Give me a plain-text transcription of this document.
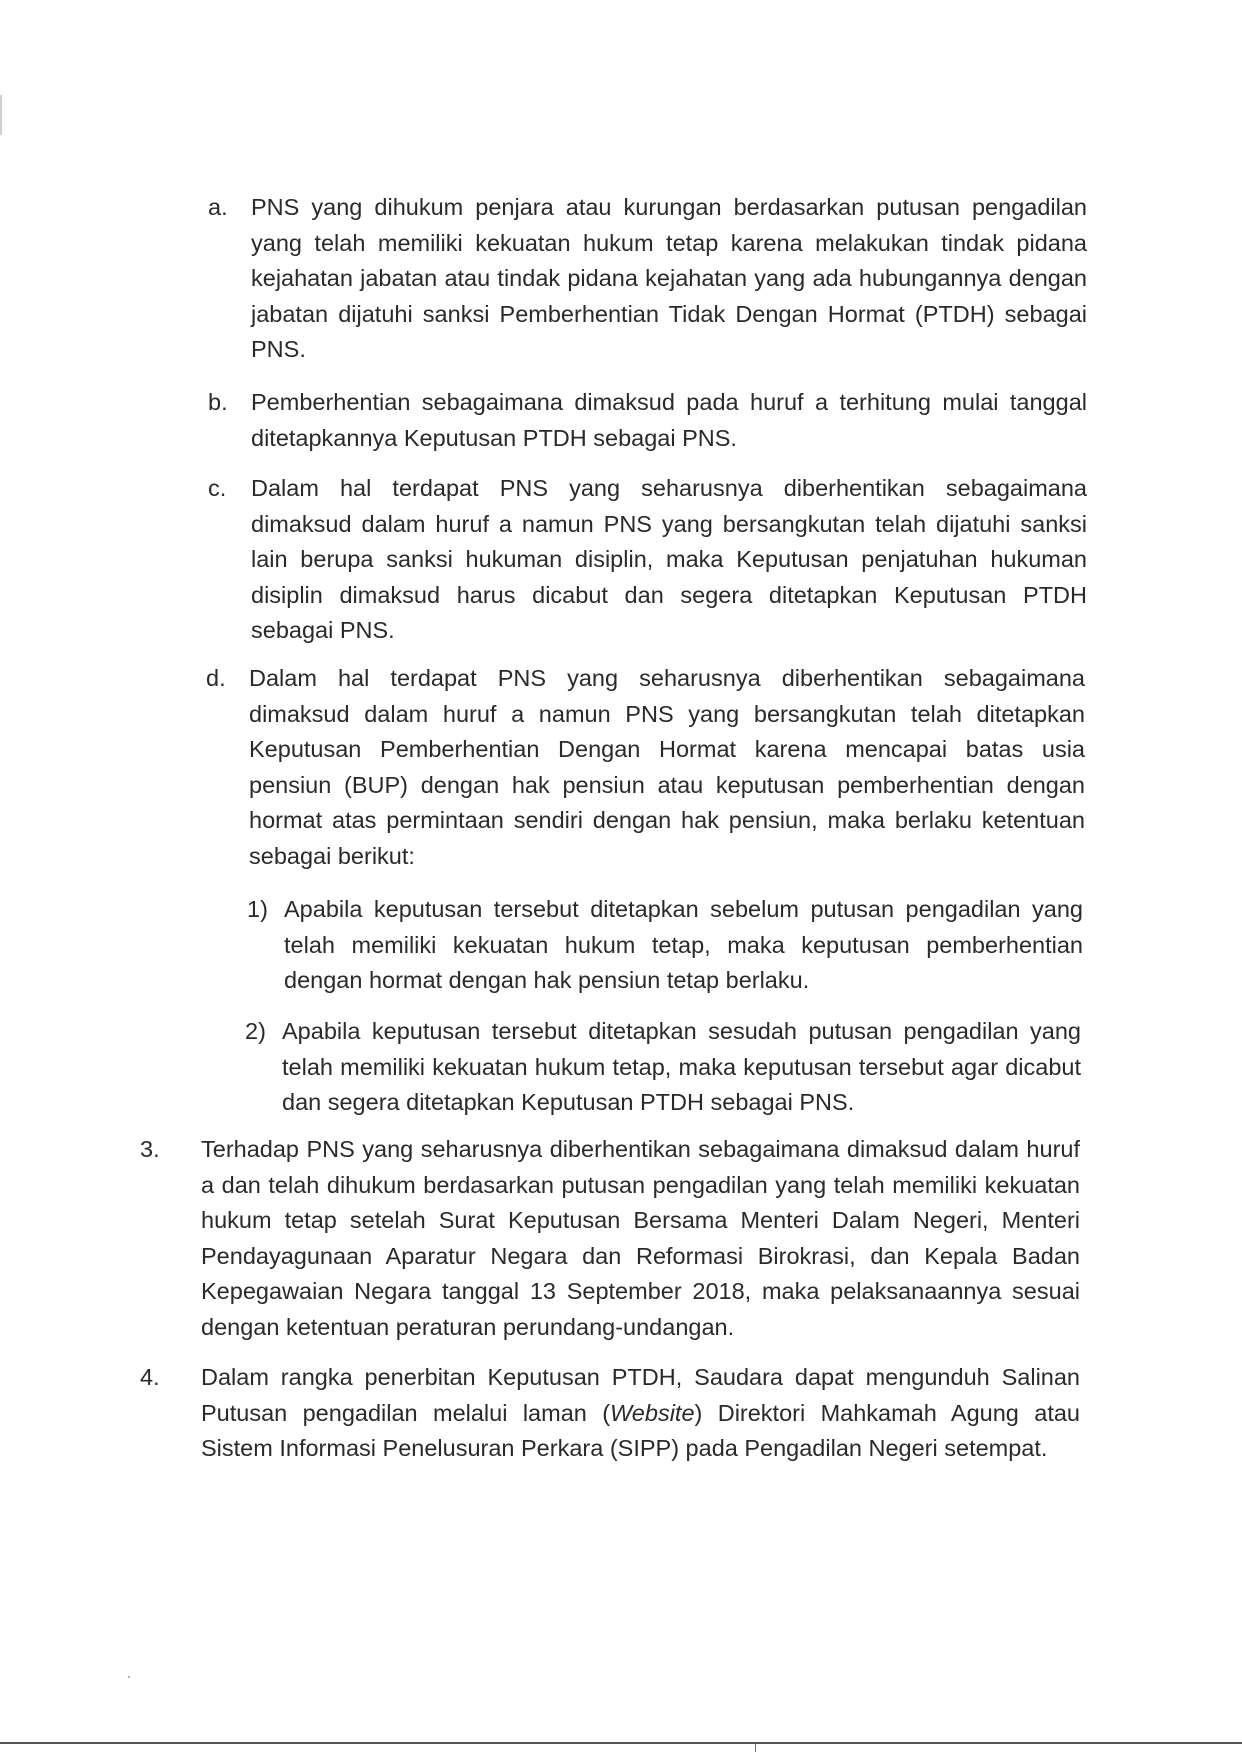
a. PNS yang dihukum penjara atau kurungan berdasarkan putusan pengadilan yang telah memiliki kekuatan hukum tetap karena melakukan tindak pidana kejahatan jabatan atau tindak pidana kejahatan yang ada hubungannya dengan jabatan dijatuhi sanksi Pemberhentian Tidak Dengan Hormat (PTDH) sebagai PNS.
b. Pemberhentian sebagaimana dimaksud pada huruf a terhitung mulai tanggal ditetapkannya Keputusan PTDH sebagai PNS.
c. Dalam hal terdapat PNS yang seharusnya diberhentikan sebagaimana dimaksud dalam huruf a namun PNS yang bersangkutan telah dijatuhi sanksi lain berupa sanksi hukuman disiplin, maka Keputusan penjatuhan hukuman disiplin dimaksud harus dicabut dan segera ditetapkan Keputusan PTDH sebagai PNS.
d. Dalam hal terdapat PNS yang seharusnya diberhentikan sebagaimana dimaksud dalam huruf a namun PNS yang bersangkutan telah ditetapkan Keputusan Pemberhentian Dengan Hormat karena mencapai batas usia pensiun (BUP) dengan hak pensiun atau keputusan pemberhentian dengan hormat atas permintaan sendiri dengan hak pensiun, maka berlaku ketentuan sebagai berikut:
1) Apabila keputusan tersebut ditetapkan sebelum putusan pengadilan yang telah memiliki kekuatan hukum tetap, maka keputusan pemberhentian dengan hormat dengan hak pensiun tetap berlaku.
2) Apabila keputusan tersebut ditetapkan sesudah putusan pengadilan yang telah memiliki kekuatan hukum tetap, maka keputusan tersebut agar dicabut dan segera ditetapkan Keputusan PTDH sebagai PNS.
3. Terhadap PNS yang seharusnya diberhentikan sebagaimana dimaksud dalam huruf a dan telah dihukum berdasarkan putusan pengadilan yang telah memiliki kekuatan hukum tetap setelah Surat Keputusan Bersama Menteri Dalam Negeri, Menteri Pendayagunaan Aparatur Negara dan Reformasi Birokrasi, dan Kepala Badan Kepegawaian Negara tanggal 13 September 2018, maka pelaksanaannya sesuai dengan ketentuan peraturan perundang-undangan.
4. Dalam rangka penerbitan Keputusan PTDH, Saudara dapat mengunduh Salinan Putusan pengadilan melalui laman (Website) Direktori Mahkamah Agung atau Sistem Informasi Penelusuran Perkara (SIPP) pada Pengadilan Negeri setempat.
